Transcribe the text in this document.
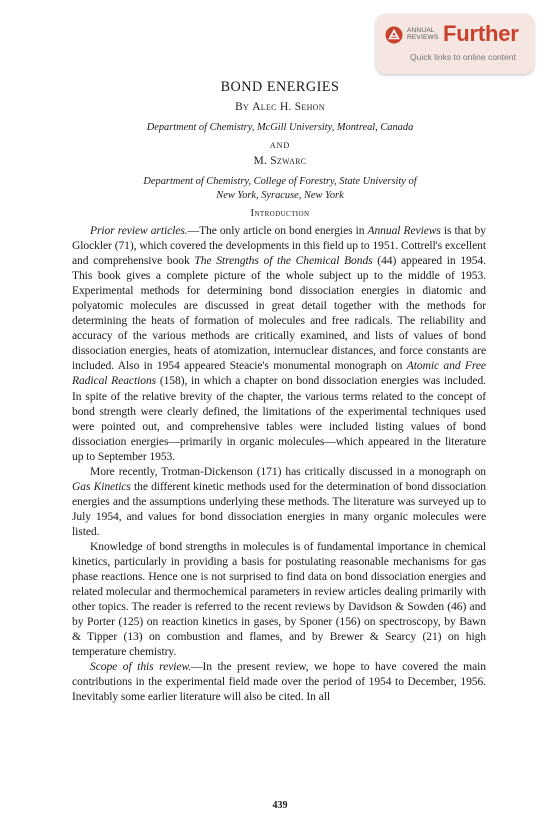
ANNUAL
REVIEWS Further
Quick links to online content
BOND ENERGIES
By Alec H. Sehon
Department of Chemistry, McGill University, Montreal, Canada
AND
M. Szwarc
Department of Chemistry, College of Forestry, State University of
New York, Syracuse, New York
Introduction

Prior review articles.—The only article on bond energies in Annual Reviews is that by Glockler (71), which covered the developments in this field up to 1951. Cottrell's excellent and comprehensive book The Strengths of the Chemical Bonds (44) appeared in 1954. This book gives a complete picture of the whole subject up to the middle of 1953. Experimental methods for determining bond dissociation energies in diatomic and polyatomic molecules are discussed in great detail together with the methods for determining the heats of formation of molecules and free radicals. The reliability and accuracy of the various methods are critically examined, and lists of values of bond dissociation energies, heats of atomization, internuclear distances, and force constants are included. Also in 1954 appeared Steacie's monumental monograph on Atomic and Free Radical Reactions (158), in which a chapter on bond dissociation energies was included. In spite of the relative brevity of the chapter, the various terms related to the concept of bond strength were clearly defined, the limitations of the experimental techniques used were pointed out, and comprehensive tables were included listing values of bond dissociation energies—primarily in organic molecules—which appeared in the literature up to September 1953.

More recently, Trotman-Dickenson (171) has critically discussed in a monograph on Gas Kinetics the different kinetic methods used for the determination of bond dissociation energies and the assumptions underlying these methods. The literature was surveyed up to July 1954, and values for bond dissociation energies in many organic molecules were listed.

Knowledge of bond strengths in molecules is of fundamental importance in chemical kinetics, particularly in providing a basis for postulating reasonable mechanisms for gas phase reactions. Hence one is not surprised to find data on bond dissociation energies and related molecular and thermochemical parameters in review articles dealing primarily with other topics. The reader is referred to the recent reviews by Davidson & Sowden (46) and by Porter (125) on reaction kinetics in gases, by Sponer (156) on spectroscopy, by Bawn & Tipper (13) on combustion and flames, and by Brewer & Searcy (21) on high temperature chemistry.

Scope of this review.—In the present review, we hope to have covered the main contributions in the experimental field made over the period of 1954 to December, 1956. Inevitably some earlier literature will also be cited. In all

439
